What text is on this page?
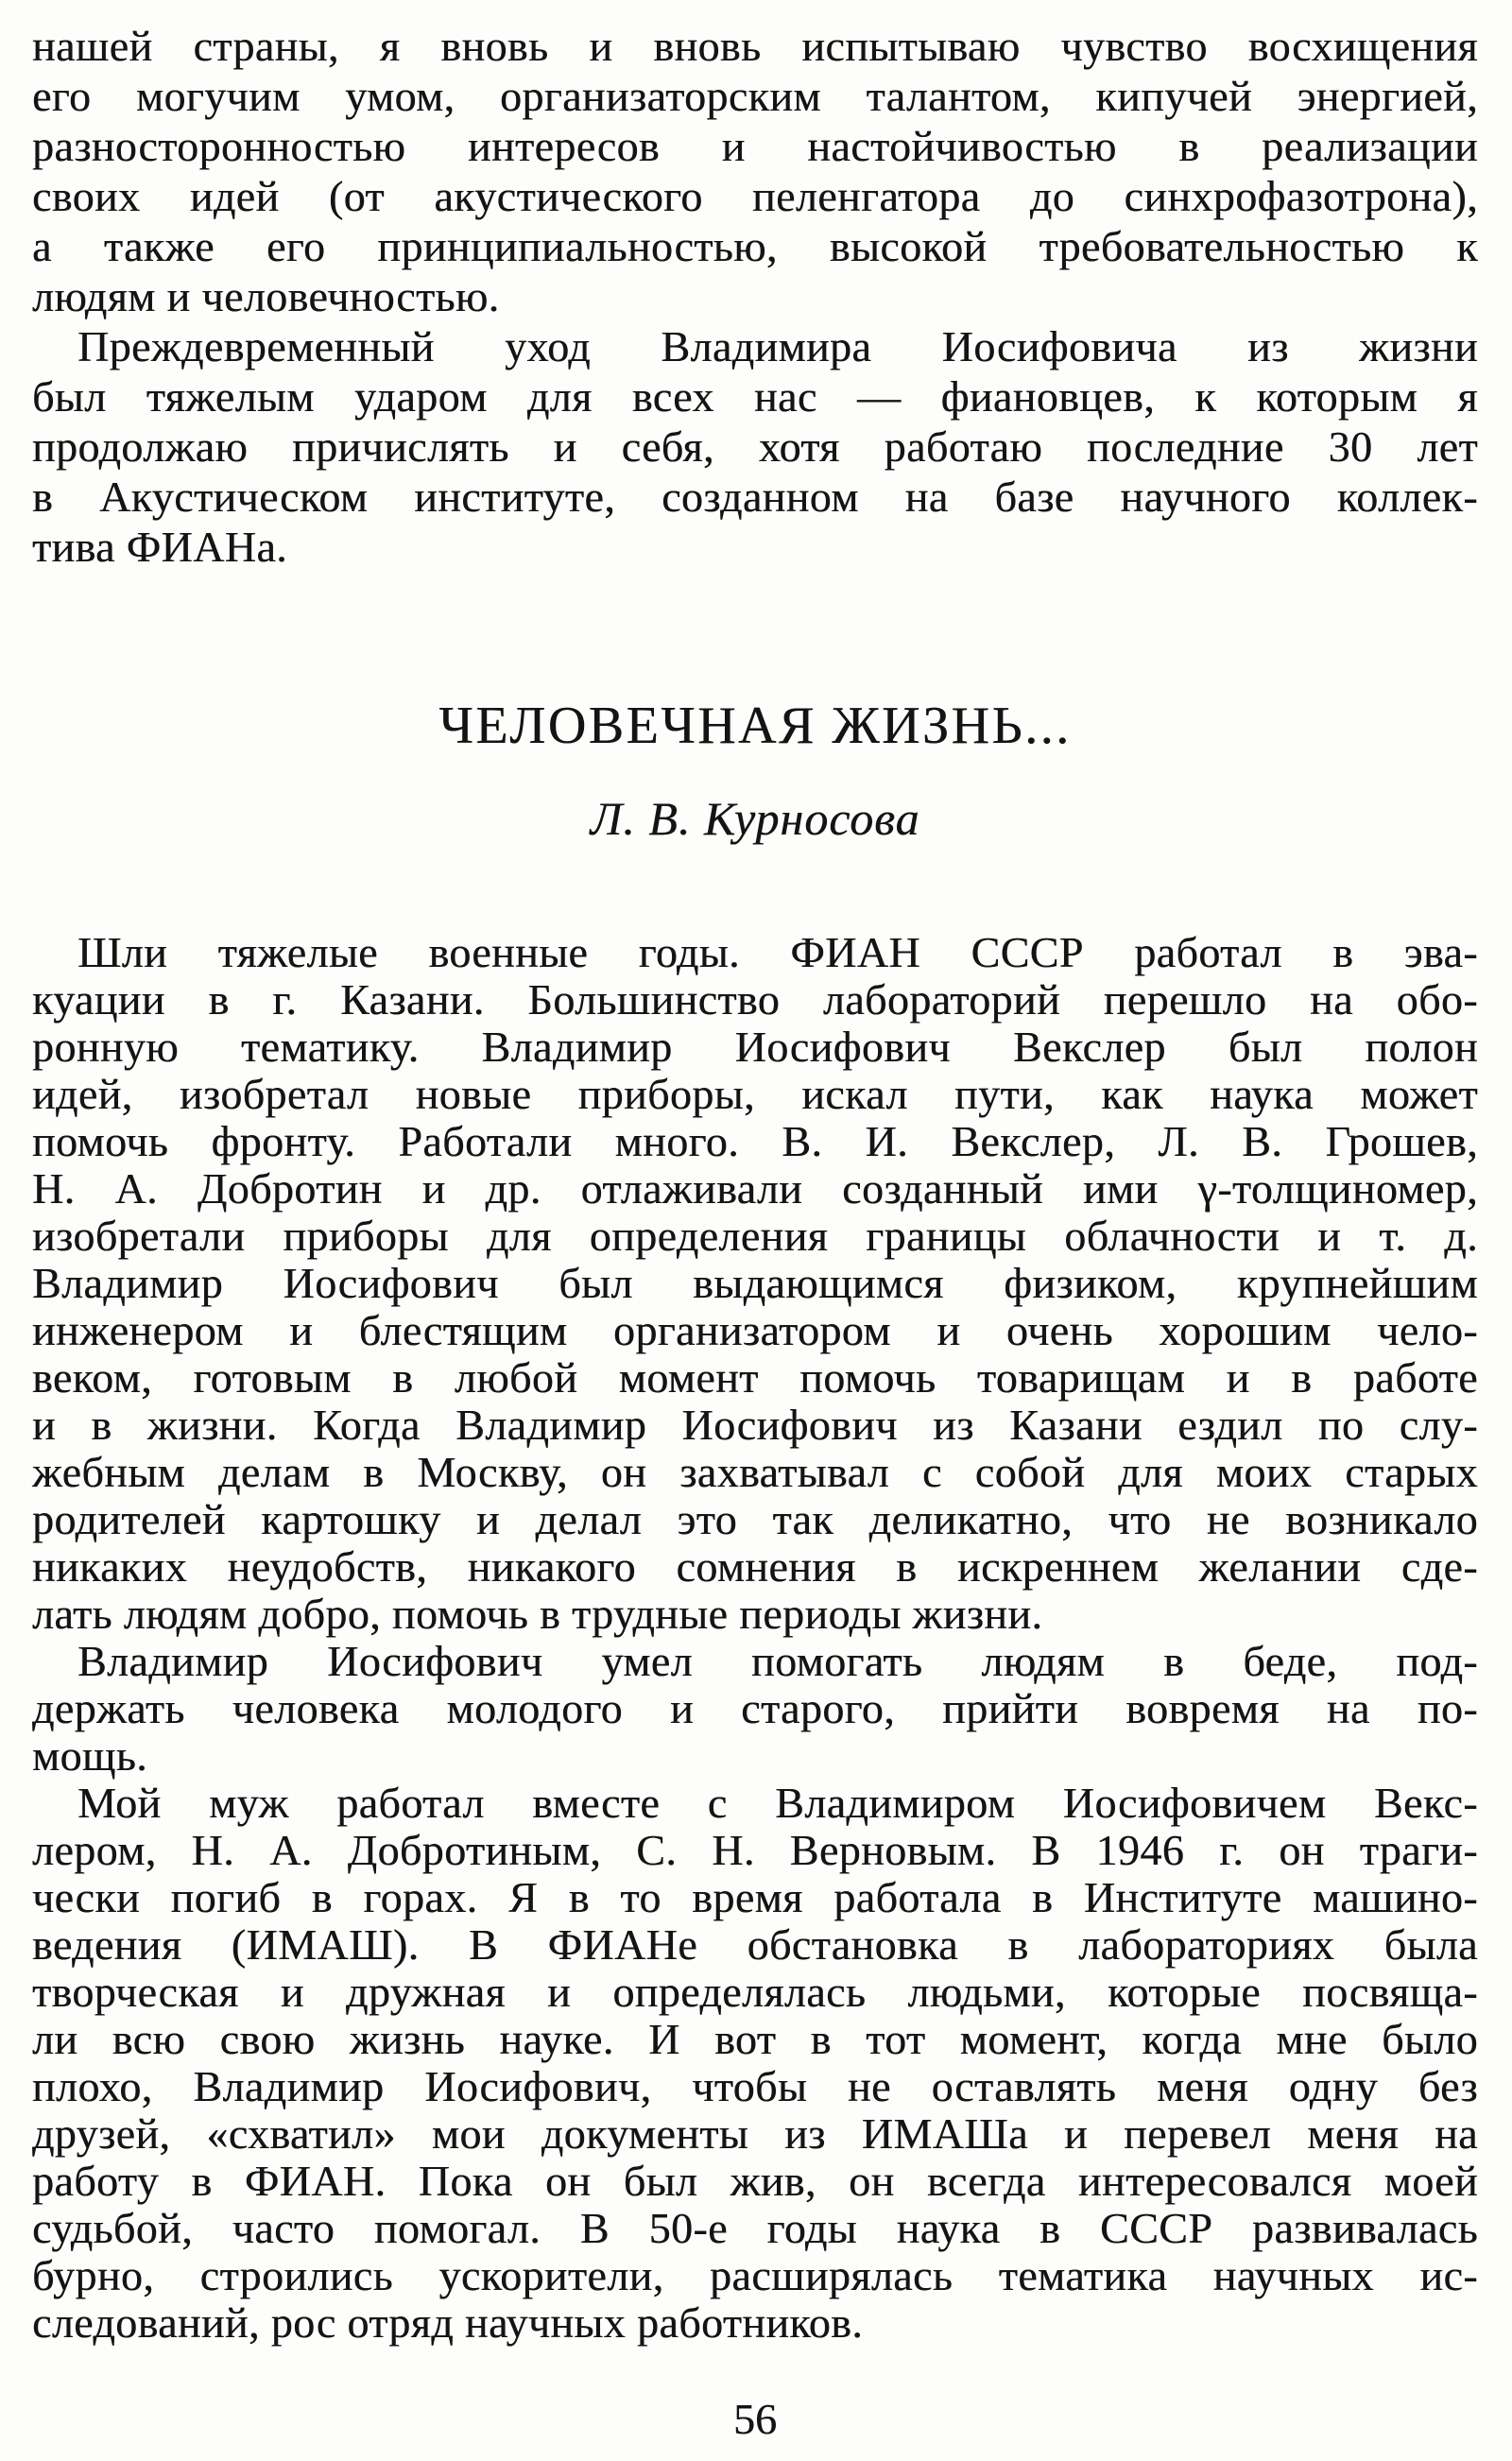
нашей страны, я вновь и вновь испытываю чувство восхищения
его могучим умом, организаторским талантом, кипучей энергией,
разносторонностью интересов и настойчивостью в реализации
своих идей (от акустического пеленгатора до синхрофазотрона),
а также его принципиальностью, высокой требовательностью к
людям и человечностью.
Преждевременный уход Владимира Иосифовича из жизни
был тяжелым ударом для всех нас — фиановцев, к которым я
продолжаю причислять и себя, хотя работаю последние 30 лет
в Акустическом институте, созданном на базе научного коллек-
тива ФИАНа.
ЧЕЛОВЕЧНАЯ ЖИЗНЬ...
Л. В. Курносова
Шли тяжелые военные годы. ФИАН СССР работал в эва-
куации в г. Казани. Большинство лабораторий перешло на обо-
ронную тематику. Владимир Иосифович Векслер был полон
идей, изобретал новые приборы, искал пути, как наука может
помочь фронту. Работали много. В. И. Векслер, Л. В. Грошев,
Н. А. Добротин и др. отлаживали созданный ими γ-толщиномер,
изобретали приборы для определения границы облачности и т. д.
Владимир Иосифович был выдающимся физиком, крупнейшим
инженером и блестящим организатором и очень хорошим чело-
веком, готовым в любой момент помочь товарищам и в работе
и в жизни. Когда Владимир Иосифович из Казани ездил по слу-
жебным делам в Москву, он захватывал с собой для моих старых
родителей картошку и делал это так деликатно, что не возникало
никаких неудобств, никакого сомнения в искреннем желании сде-
лать людям добро, помочь в трудные периоды жизни.
Владимир Иосифович умел помогать людям в беде, под-
держать человека молодого и старого, прийти вовремя на по-
мощь.
Мой муж работал вместе с Владимиром Иосифовичем Векс-
лером, Н. А. Добротиным, С. Н. Верновым. В 1946 г. он траги-
чески погиб в горах. Я в то время работала в Институте машино-
ведения (ИМАШ). В ФИАНе обстановка в лабораториях была
творческая и дружная и определялась людьми, которые посвяща-
ли всю свою жизнь науке. И вот в тот момент, когда мне было
плохо, Владимир Иосифович, чтобы не оставлять меня одну без
друзей, «схватил» мои документы из ИМАШа и перевел меня на
работу в ФИАН. Пока он был жив, он всегда интересовался моей
судьбой, часто помогал. В 50-е годы наука в СССР развивалась
бурно, строились ускорители, расширялась тематика научных ис-
следований, рос отряд научных работников.
56
